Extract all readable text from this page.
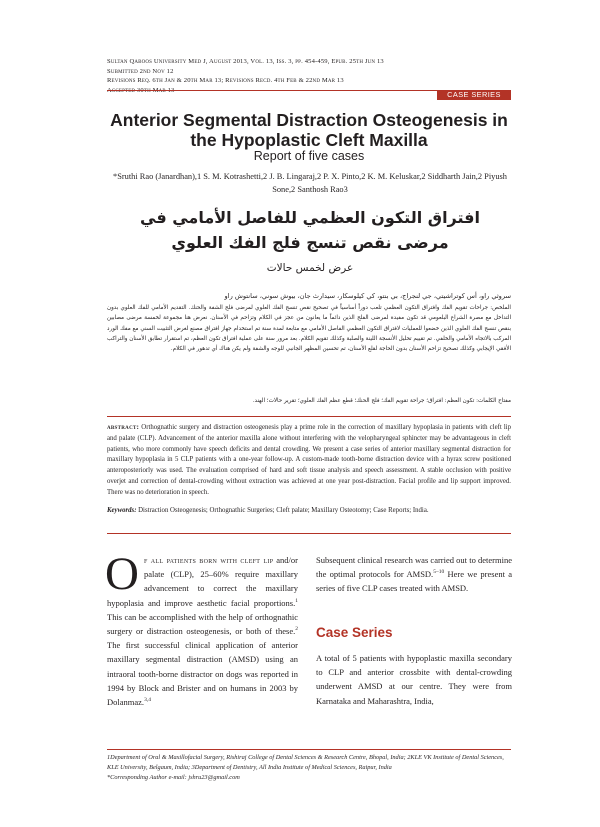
Sultan Qaboos University Med J, August 2013, Vol. 13, Iss. 3, pp. 454-459, Epub. 25th Jun 13
Submitted 2nd Nov 12
Revisions Req. 6th Jan & 20th Mar 13; Revisions Recd. 4th Feb & 22nd Mar 13
Accepted 30th Mar 13	CASE SERIES
Anterior Segmental Distraction Osteogenesis in the Hypoplastic Cleft Maxilla
Report of five cases
*Sruthi Rao (Janardhan),1 S. M. Kotrashetti,2 J. B. Lingaraj,2 P. X. Pinto,2 K. M. Keluskar,2 Siddharth Jain,2 Piyush Sone,2 Santhosh Rao3
افتراق التكون العظمي للفاصل الأمامي في مرضى نقص تنسج فلج الفك العلوي
عرض لخمس حالات
سروثي راو، أس كوتراشيتي، جي لنجراج، بي بنتو، كي كيلوسكار، سيدارث جان، بيوش سوني، سانتوش راو
الملخص: جراحات تقويم الفك وافتراق التكون العظمي تلعب دوراً أساسياً في تصحيح نقص تنسج الفك العلوي لمرضى فلج الشفة والحنك. التقديم الأمامي للفك العلوي بدون التداخل مع مصرة الشراع البلعومي قد تكون مفيدة لمرضى الفلج الذين دائماً ما يعانون من عجز في الكلام وتزاحم في الأسنان. نعرض هنا مجموعة لخمسة مرضى مصابين بنقص تنسج الفك العلوي الذين خضعوا للعمليات لافتراق التكون العظمي الفاصل الأمامي مع متابعة لمدة سنة تم استخدام جهاز افتراق مصنع لغرض التثبيت السني مع مفك الورد المركب بالاتجاه الأمامي والخلفي. تم تقييم تحليل الأنسجة اللينة والصلبة وكذلك تقويم الكلام. بعد مرور سنة على عملية افتراق تكون العظم، تم استقرار تطابق الأسنان والتراكب الأفقي الإيجابي وكذلك تصحيح تزاحم الأسنان بدون الحاجة لقلع الأسنان، تم تحسين المظهر الجانبي للوجه والشفة ولم يكن هناك أي تدهور في الكلام.
مفتاح الكلمات: تكون العظم: افتراق؛ جراحة تقويم الفك؛ فلج الحنك؛ قطع عظم الفك العلوي؛ تقرير حالات؛ الهند.
abstract: Orthognathic surgery and distraction osteogenesis play a prime role in the correction of maxillary hypoplasia in patients with cleft lip and palate (CLP). Advancement of the anterior maxilla alone without interfering with the velopharyngeal sphincter may be advantageous in cleft patients, who more commonly have speech deficits and dental crowding. We present a case series of anterior maxillary segmental distraction for maxillary hypoplasia in 5 CLP patients with a one-year follow-up. A custom-made tooth-borne distraction device with a hyrax screw positioned anteroposteriorly was used. The evaluation comprised of hard and soft tissue analysis and speech assessment. A stable occlusion with positive overjet and correction of dental-crowding without extraction was achieved at one year post-distraction. Facial profile and lip support improved. There was no deterioration in speech.
Keywords: Distraction Osteogenesis; Orthognathic Surgeries; Cleft palate; Maxillary Osteotomy; Case Reports; India.
Of all patients born with cleft lip and/or palate (CLP), 25–60% require maxillary advancement to correct the maxillary hypoplasia and improve aesthetic facial proportions.$^1$ This can be accomplished with the help of orthognathic surgery or distraction osteogenesis, or both of these.$^2$ The first successful clinical application of anterior maxillary segmental distraction (AMSD) using an intraoral tooth-borne distractor on dogs was reported in 1994 by Block and Brister and on humans in 2003 by Dolanmaz.$^{3,4}$
Subsequent clinical research was carried out to determine the optimal protocols for AMSD.$^{5-10}$ Here we present a series of five CLP cases treated with AMSD.
Case Series
A total of 5 patients with hypoplastic maxilla secondary to CLP and anterior crossbite with dental-crowding underwent AMSD at our centre. They were from Karnataka and Maharashtra, India,
1Department of Oral & Maxillofacial Surgery, Rishiraj College of Dental Sciences & Research Centre, Bhopal, India; 2KLE VK Institute of Dental Sciences, KLE University, Belgaum, India; 3Department of Dentistry, All India Institute of Medical Sciences, Raipur, India
*Corresponding Author e-mail: jshru23@gmail.com
